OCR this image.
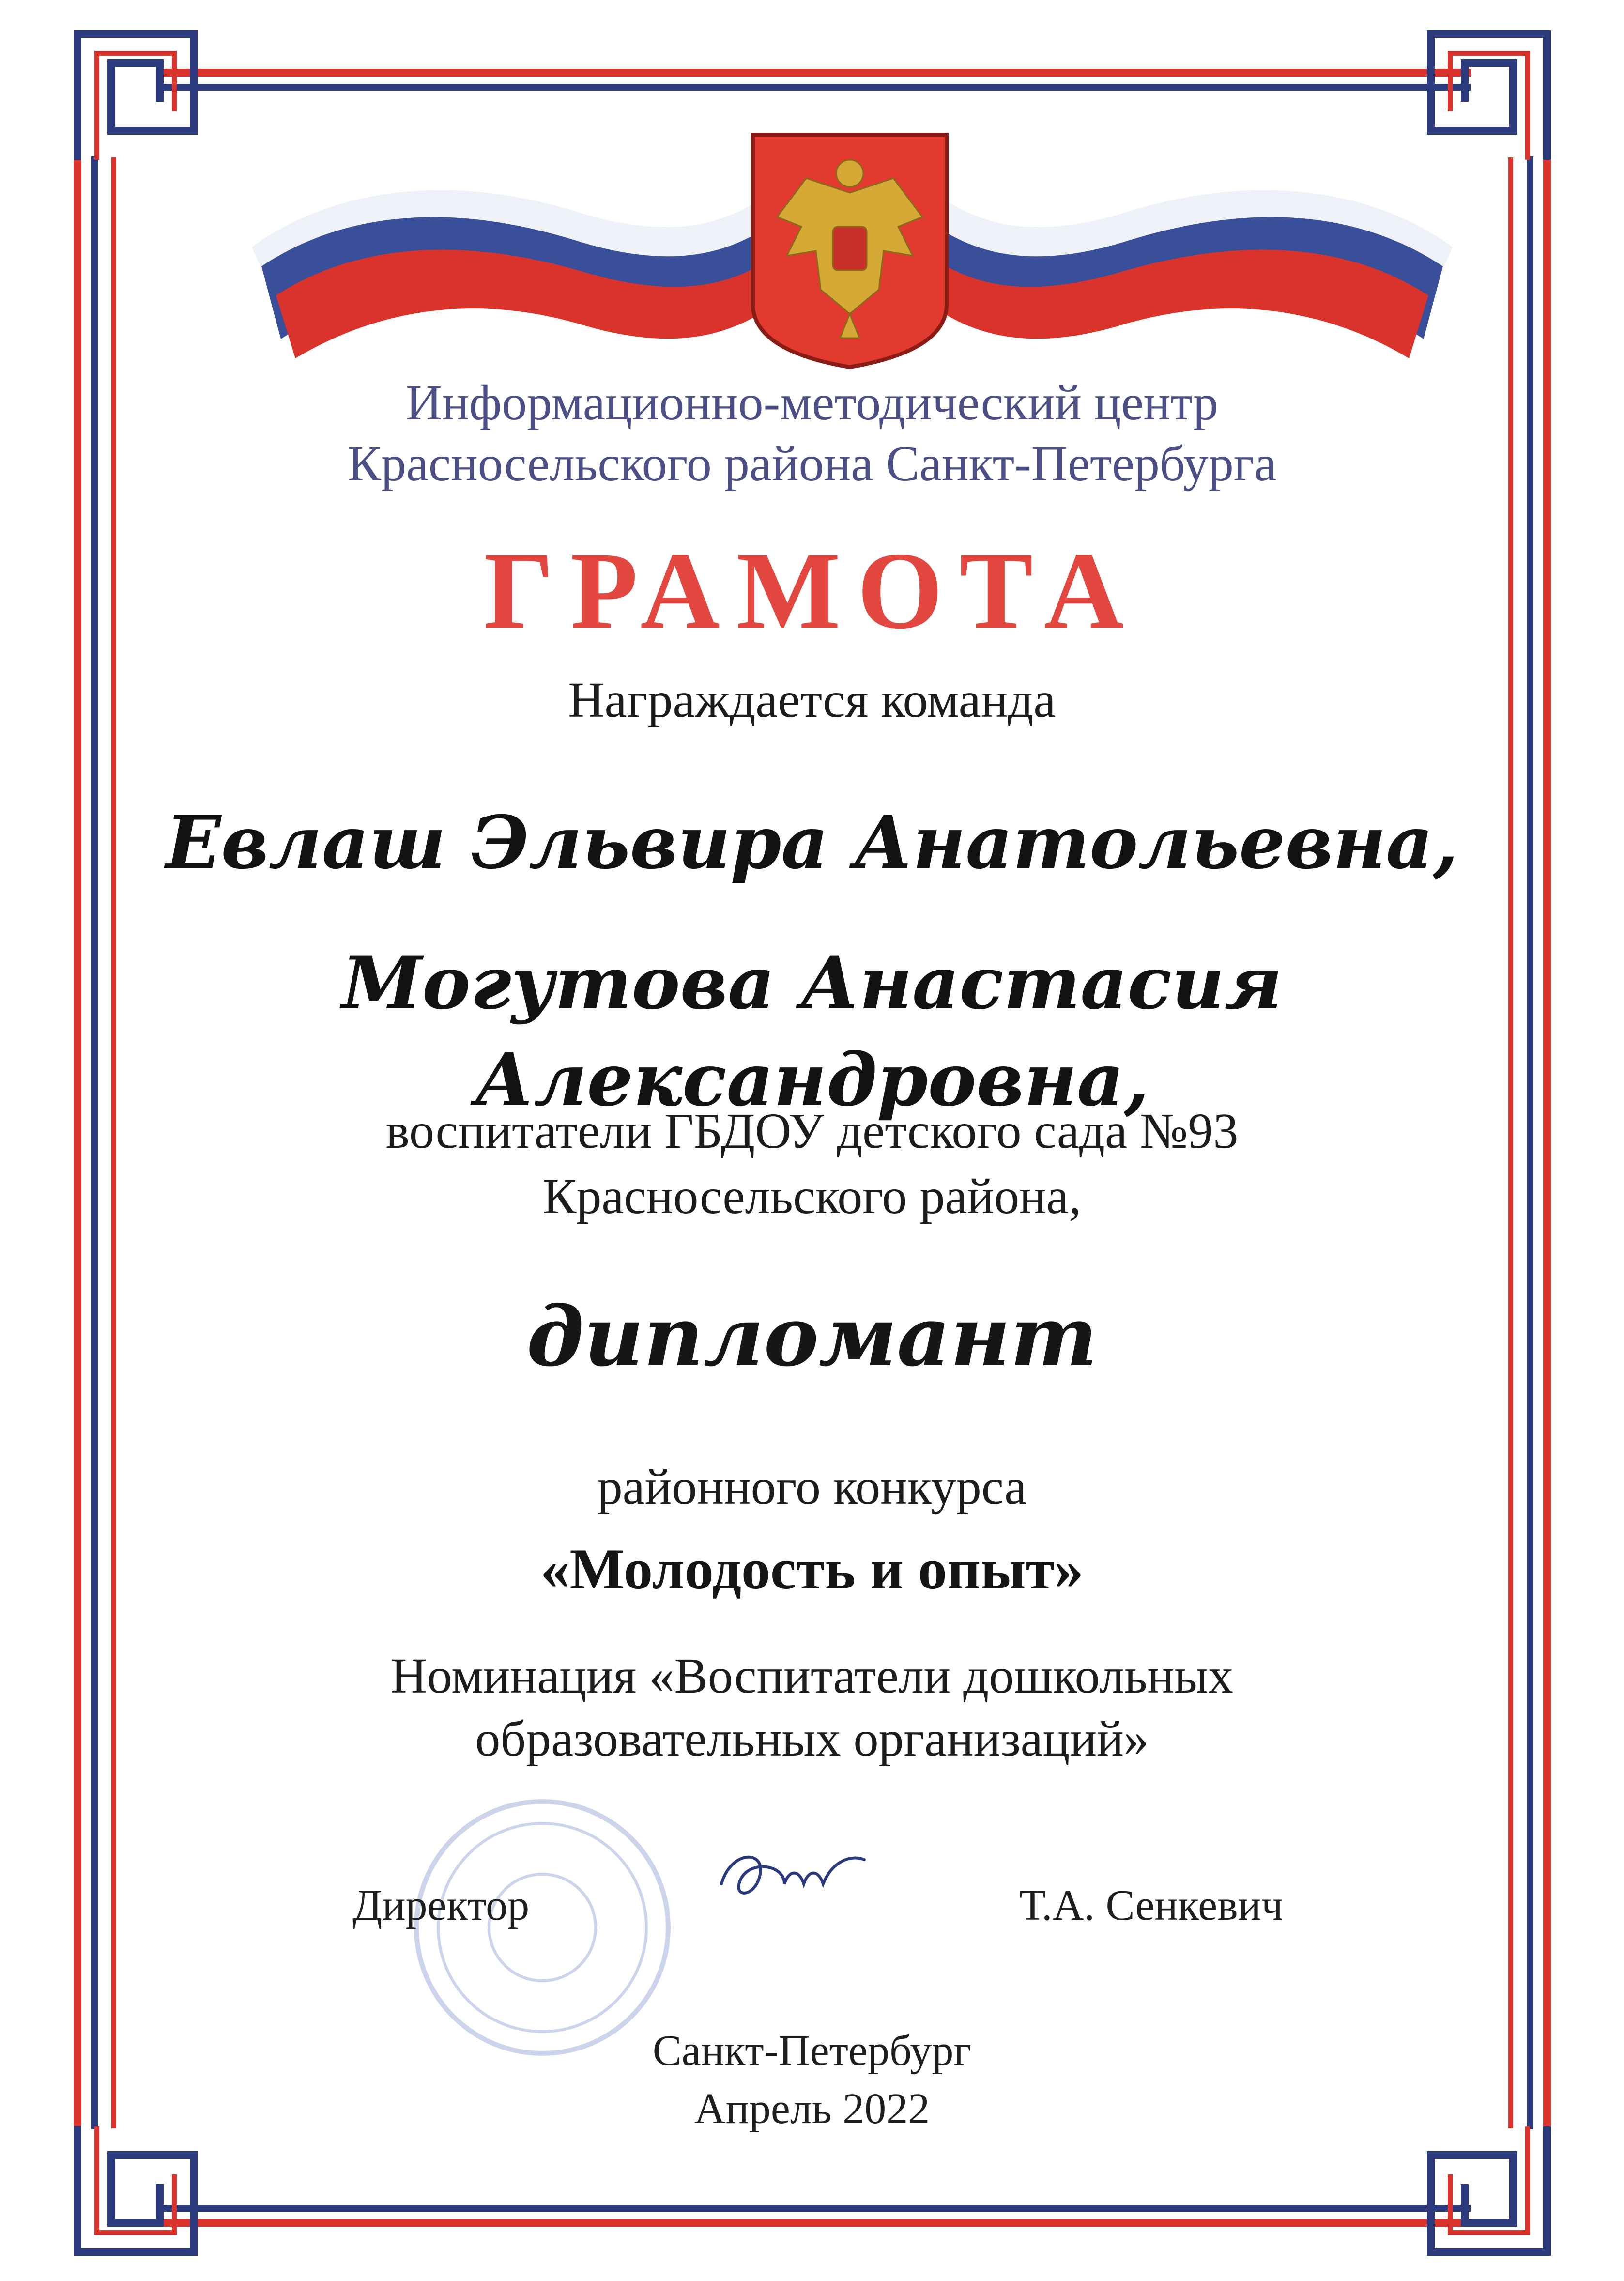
Информационно-методический центр
Красносельского района Санкт-Петербурга
ГРАМОТА
Награждается команда
Евлаш Эльвира Анатольевна,
Могутова Анастасия Александровна,
воспитатели ГБДОУ детского сада №93
Красносельского района,
дипломант
районного конкурса
«Молодость и опыт»
Номинация «Воспитатели дошкольных
образовательных организаций»
Директор	Т.А. Сенкевич
Санкт-Петербург
Апрель 2022
